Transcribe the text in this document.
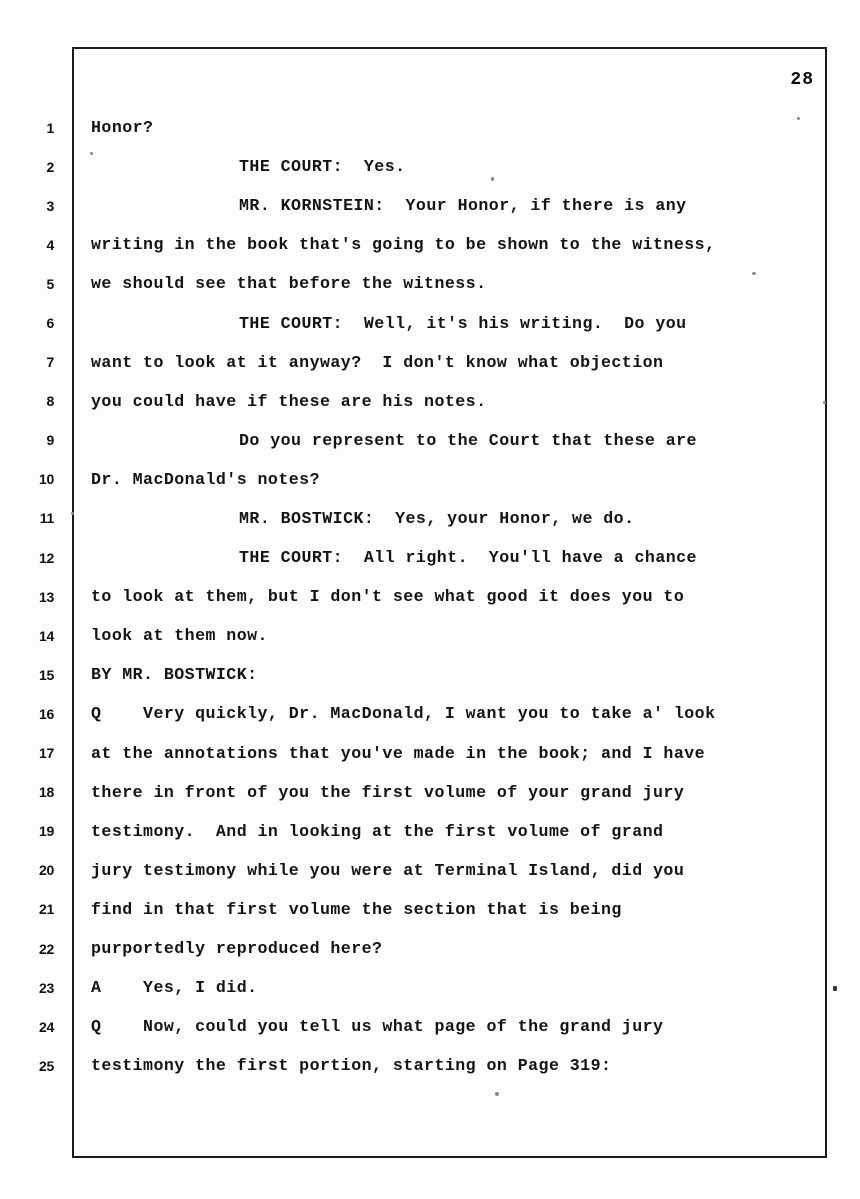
28
1
2
3
4
5
6
7
8
9
10
11
12
13
14
15
16
17
18
19
20
21
22
23
24
25
Honor?
THE COURT:  Yes.
MR. KORNSTEIN:  Your Honor, if there is any
writing in the book that's going to be shown to the witness,
we should see that before the witness.
THE COURT:  Well, it's his writing.  Do you
want to look at it anyway?  I don't know what objection
you could have if these are his notes.
Do you represent to the Court that these are
Dr. MacDonald's notes?
MR. BOSTWICK:  Yes, your Honor, we do.
THE COURT:  All right.  You'll have a chance
to look at them, but I don't see what good it does you to
look at them now.
BY MR. BOSTWICK:
Q    Very quickly, Dr. MacDonald, I want you to take a' look
at the annotations that you've made in the book; and I have
there in front of you the first volume of your grand jury
testimony.  And in looking at the first volume of grand
jury testimony while you were at Terminal Island, did you
find in that first volume the section that is being
purportedly reproduced here?
A    Yes, I did.
Q    Now, could you tell us what page of the grand jury
testimony the first portion, starting on Page 319:
